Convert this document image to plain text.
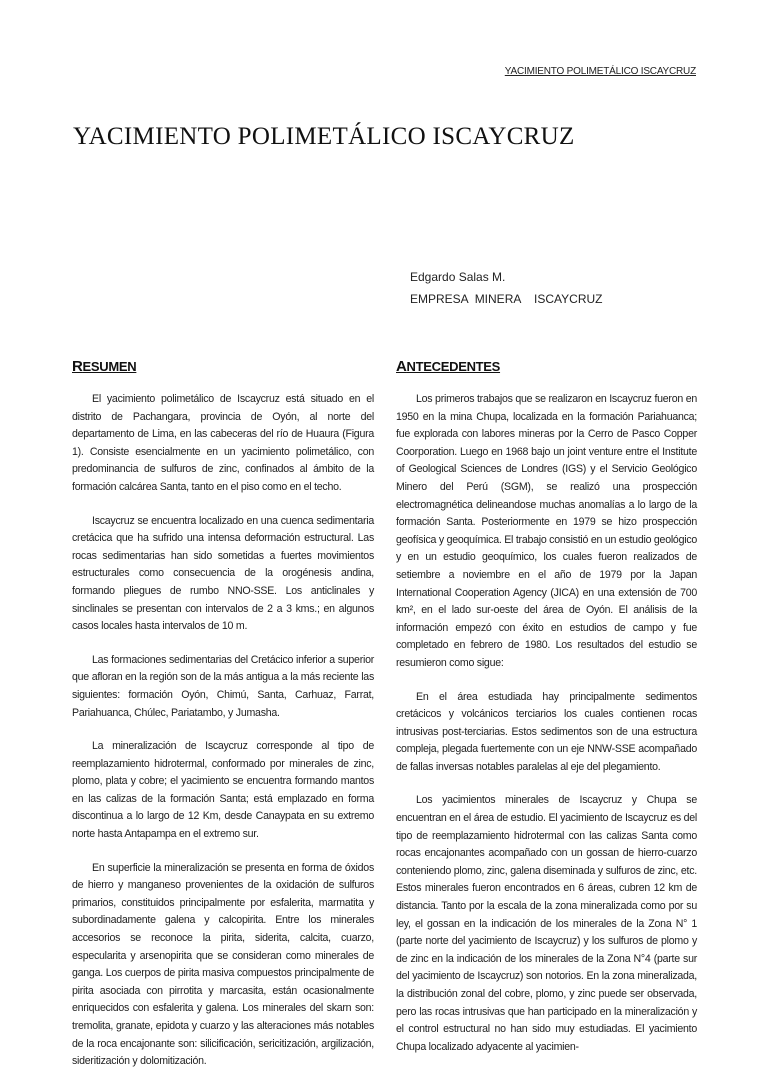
YACIMIENTO POLIMETÁLICO ISCAYCRUZ
YACIMIENTO POLIMETÁLICO ISCAYCRUZ
Edgardo Salas M.
EMPRESA  MINERA    ISCAYCRUZ
RESUMEN

El yacimiento polimetálico de Iscaycruz está situado en el distrito de Pachangara, provincia de Oyón, al norte del departamento de Lima, en las cabeceras del río de Huaura (Figura 1). Consiste esencialmente en un yacimiento polimetálico, con predominancia de sulfuros de zinc, confinados al ámbito de la formación calcárea Santa, tanto en el piso como en el techo.

Iscaycruz se encuentra localizado en una cuenca sedimentaria cretácica que ha sufrido una intensa deformación estructural. Las rocas sedimentarias han sido sometidas a fuertes movimientos estructurales como consecuencia de la orogénesis andina, formando pliegues de rumbo NNO-SSE. Los anticlinales y sinclinales se presentan con intervalos de 2 a 3 kms.; en algunos casos locales hasta intervalos de 10 m.

Las formaciones sedimentarias del Cretácico inferior a superior que afloran en la región son de la más antigua a la más reciente las siguientes: formación Oyón, Chimú, Santa, Carhuaz, Farrat, Pariahuanca, Chúlec, Pariatambo, y Jumasha.

La mineralización de Iscaycruz corresponde al tipo de reemplazamiento hidrotermal, conformado por minerales de zinc, plomo, plata y cobre; el yacimiento se encuentra formando mantos en las calizas de la formación Santa; está emplazado en forma discontinua a lo largo de 12 Km, desde Canaypata en su extremo norte hasta Antapampa en el extremo sur.

En superficie la mineralización se presenta en forma de óxidos de hierro y manganeso provenientes de la oxidación de sulfuros primarios, constituidos principalmente por esfalerita, marmatita y subordinadamente galena y calcopirita. Entre los minerales accesorios se reconoce la pirita, siderita, calcita, cuarzo, especularita y arsenopirita que se consideran como minerales de ganga. Los cuerpos de pirita masiva compuestos principalmente de pirita asociada con pirrotita y marcasita, están ocasionalmente enriquecidos con esfalerita y galena. Los minerales del skarn son: tremolita, granate, epidota y cuarzo y las alteraciones más notables de la roca encajonante son: silicificación, sericitización, argilización, sideritización y dolomitización.

ANTECEDENTES

Los primeros trabajos que se realizaron en Iscaycruz fueron en 1950 en la mina Chupa, localizada en la formación Pariahuanca; fue explorada con labores mineras por la Cerro de Pasco Copper Coorporation. Luego en 1968 bajo un joint venture entre el Institute of Geological Sciences de Londres (IGS) y el Servicio Geológico Minero del Perú (SGM), se realizó una prospección electromagnética delineandose muchas anomalías a lo largo de la formación Santa. Posteriormente en 1979 se hizo prospección geofísica y geoquímica. El trabajo consistió en un estudio geológico y en un estudio geoquímico, los cuales fueron realizados de setiembre a noviembre en el año de 1979 por la Japan International Cooperation Agency (JICA) en una extensión de 700 km², en el lado sur-oeste del área de Oyón. El análisis de la información empezó con éxito en estudios de campo y fue completado en febrero de 1980. Los resultados del estudio se resumieron como sigue:

En el área estudiada hay principalmente sedimentos cretácicos y volcánicos terciarios los cuales contienen rocas intrusivas post-terciarias. Estos sedimentos son de una estructura compleja, plegada fuertemente con un eje NNW-SSE acompañado de fallas inversas notables paralelas al eje del plegamiento.

Los yacimientos minerales de Iscaycruz y Chupa se encuentran en el área de estudio. El yacimiento de Iscaycruz es del tipo de reemplazamiento hidrotermal con las calizas Santa como rocas encajonantes acompañado con un gossan de hierro-cuarzo conteniendo plomo, zinc, galena diseminada y sulfuros de zinc, etc. Estos minerales fueron encontrados en 6 áreas, cubren 12 km de distancia. Tanto por la escala de la zona mineralizada como por su ley, el gossan en la indicación de los minerales de la Zona N° 1 (parte norte del yacimiento de Iscaycruz) y los sulfuros de plomo y de zinc en la indicación de los minerales de la Zona N°4 (parte sur del yacimiento de Iscaycruz) son notorios. En la zona mineralizada, la distribución zonal del cobre, plomo, y zinc puede ser observada, pero las rocas intrusivas que han participado en la mineralización y el control estructural no han sido muy estudiadas. El yacimiento Chupa localizado adyacente al yacimien-
